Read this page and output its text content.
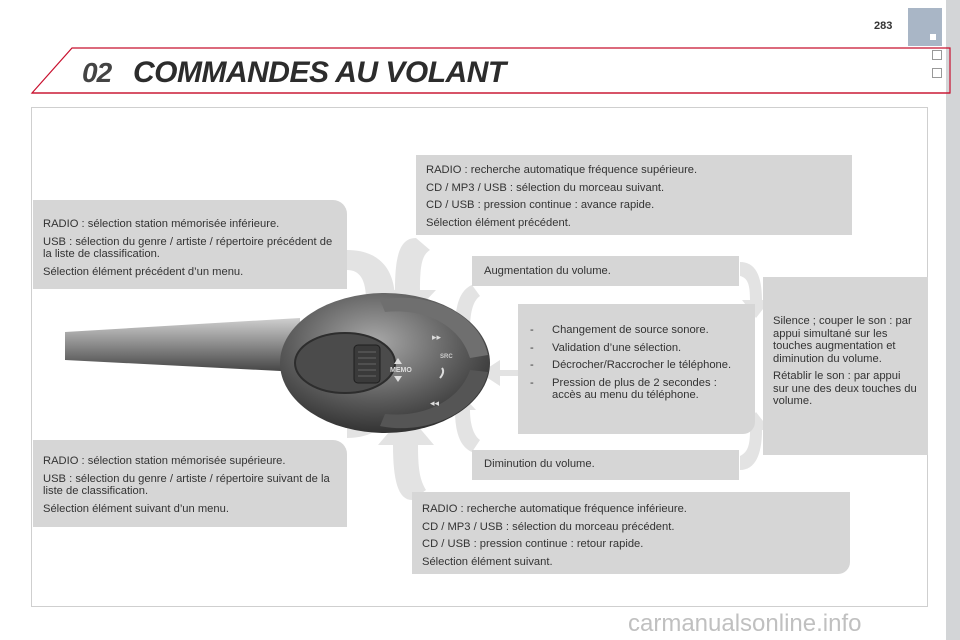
283
02 COMMANDES AU VOLANT
MEMO
▸▸
SRC
◂◂

RADIO : sélection station mémorisée inférieure.

USB : sélection du genre / artiste / répertoire précédent de la liste de classification.

Sélection élément précédent d’un menu.

RADIO : sélection station mémorisée supérieure.

USB : sélection du genre / artiste / répertoire suivant de la liste de classification.

Sélection élément suivant d’un menu.

RADIO : recherche automatique fréquence supérieure.

CD / MP3 / USB : sélection du morceau suivant.

CD / USB : pression continue : avance rapide.

Sélection élément précédent.

Augmentation du volume.
- Changement de source sonore.
- Validation d’une sélection.
- Décrocher/Raccrocher le téléphone.
- Pression de plus de 2 secondes : accès au menu du téléphone.
Diminution du volume.

RADIO : recherche automatique fréquence inférieure.

CD / MP3 / USB : sélection du morceau précédent.

CD / USB : pression continue : retour rapide.

Sélection élément suivant.

Silence ; couper le son : par appui simultané sur les touches augmentation et diminution du volume.

Rétablir le son : par appui sur une des deux touches du volume.

carmanualsonline.info
